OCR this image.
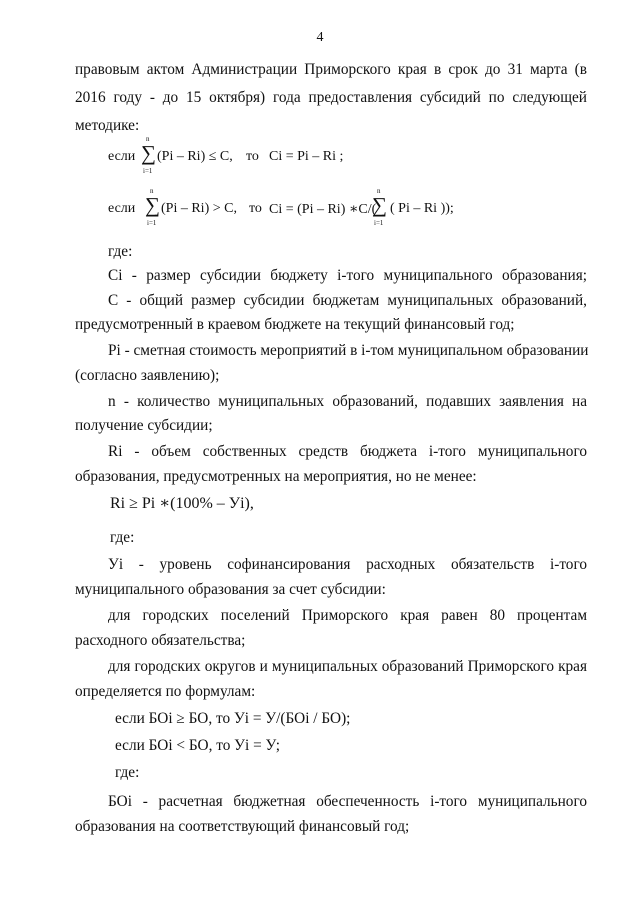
4
правовым актом Администрации Приморского края в срок до 31 марта (в
2016 году - до 15 октября) года предоставления субсидий по следующей
методике:
если
n
∑
i=1
(Pi – Ri) ≤ C, то Ci = Pi – Ri ;
если
n
∑
i=1
(Pi – Ri) > C, то Ci = (Pi – Ri) ∗C/(
n
∑
i=1
( Pi – Ri ));
где:
Ci - размер субсидии бюджету i-того муниципального образования;
С - общий размер субсидии бюджетам муниципальных образований,
предусмотренный в краевом бюджете на текущий финансовый год;
Pi - сметная стоимость мероприятий в i-том муниципальном образовании
(согласно заявлению);
n - количество муниципальных образований, подавших заявления на
получение субсидии;
Ri - объем собственных средств бюджета i-того муниципального
образования, предусмотренных на мероприятия, но не менее:
Ri ≥ Pi ∗(100% – Уi),
где:
Уi - уровень софинансирования расходных обязательств i-того
муниципального образования за счет субсидии:
для городских поселений Приморского края равен 80 процентам
расходного обязательства;
для городских округов и муниципальных образований Приморского края
определяется по формулам:
если БОi ≥ БО, то Уi = У/(БОi / БО);
если БОi < БО, то Уi = У;
где:
БОi - расчетная бюджетная обеспеченность i-того муниципального
образования на соответствующий финансовый год;
